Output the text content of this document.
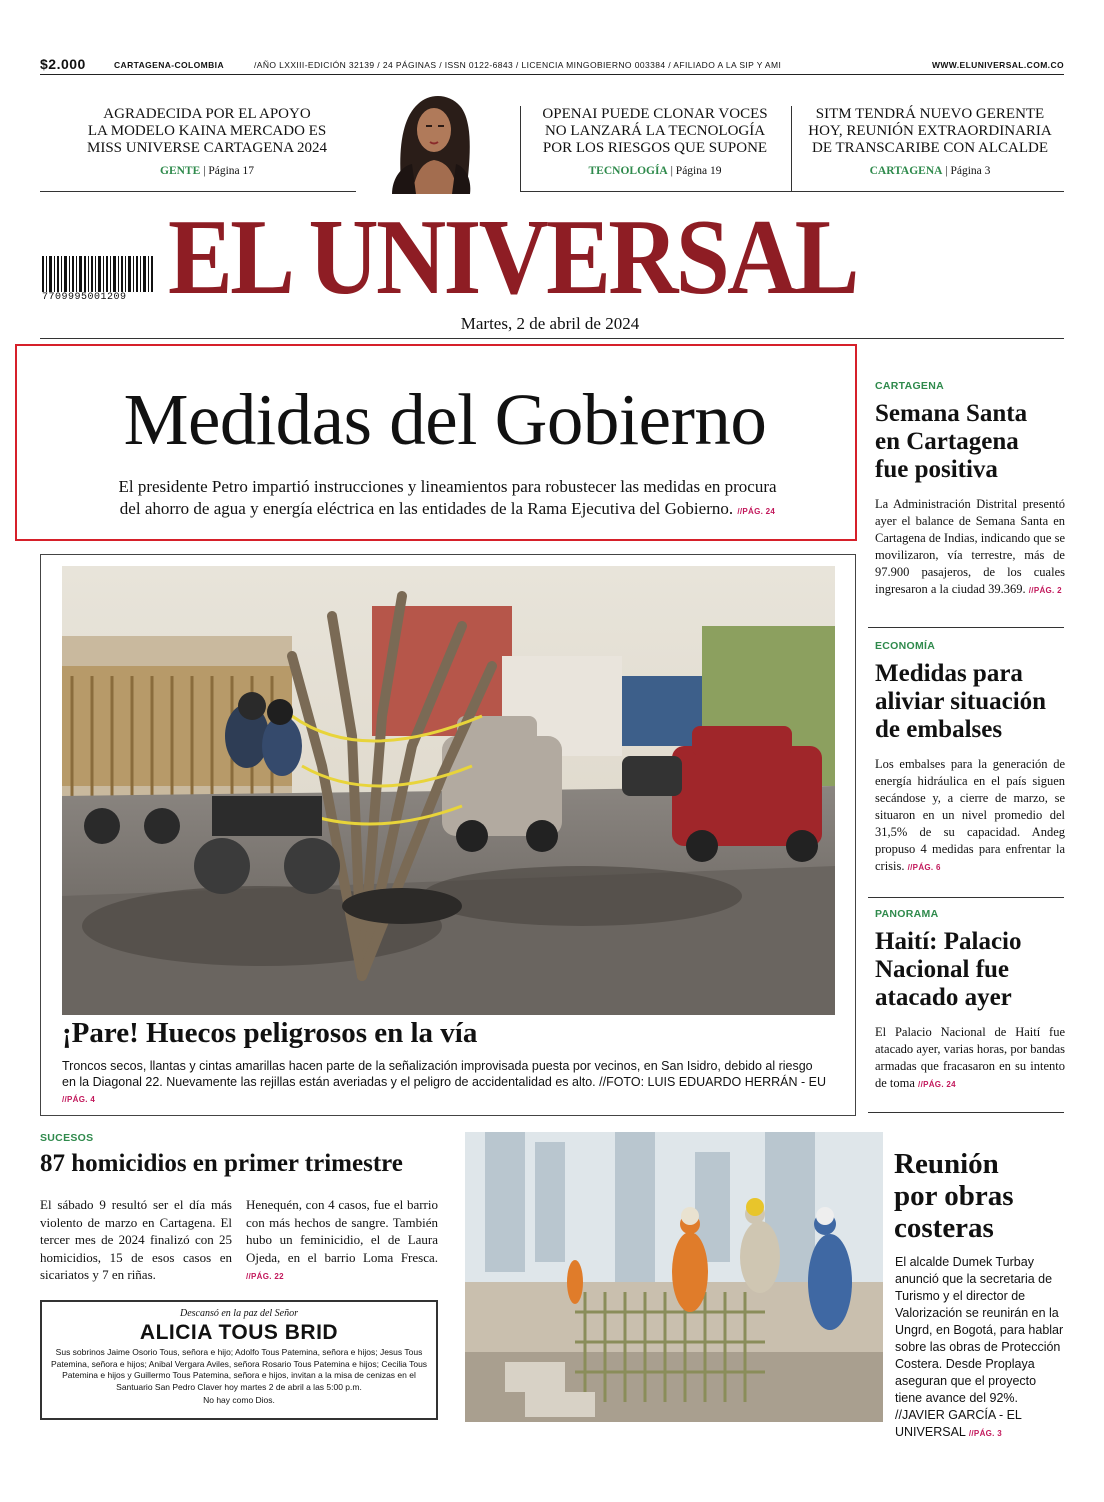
$2.000	CARTAGENA-COLOMBIA	/AÑO LXXIII-EDICIÓN 32139 / 24 PÁGINAS / ISSN 0122-6843 / LICENCIA MINGOBIERNO 003384 / AFILIADO A LA SIP Y AMI	WWW.ELUNIVERSAL.COM.CO
AGRADECIDA POR EL APOYO
LA MODELO KAINA MERCADO ES
MISS UNIVERSE CARTAGENA 2024
GENTE | Página 17
OPENAI PUEDE CLONAR VOCES
NO LANZARÁ LA TECNOLOGÍA
POR LOS RIESGOS QUE SUPONE
TECNOLOGÍA | Página 19
SITM TENDRÁ NUEVO GERENTE
HOY, REUNIÓN EXTRAORDINARIA
DE TRANSCARIBE CON ALCALDE
CARTAGENA | Página 3
7709995001209 EL UNIVERSAL
Martes, 2 de abril de 2024
Medidas del Gobierno
El presidente Petro impartió instrucciones y lineamientos para robustecer las medidas en procura
del ahorro de agua y energía eléctrica en las entidades de la Rama Ejecutiva del Gobierno. //PÁG. 24
¡Pare! Huecos peligrosos en la vía
Troncos secos, llantas y cintas amarillas hacen parte de la señalización improvisada puesta por vecinos, en San Isidro, debido al riesgo
en la Diagonal 22. Nuevamente las rejillas están averiadas y el peligro de accidentalidad es alto. //FOTO: LUIS EDUARDO HERRÁN - EU //PÁG. 4
CARTAGENA
Semana Santa
en Cartagena
fue positiva
La Administración Distrital presentó ayer el balance de Semana Santa en Cartagena de Indias, indicando que se movilizaron, vía terrestre, más de 97.900 pasajeros, de los cuales ingresaron a la ciudad 39.369. //PÁG. 2
ECONOMÍA
Medidas para
aliviar situación
de embalses
Los embalses para la generación de energía hidráulica en el país siguen secándose y, a cierre de marzo, se situaron en un nivel promedio del 31,5% de su capacidad. Andeg propuso 4 medidas para enfrentar la crisis. //PÁG. 6
PANORAMA
Haití: Palacio
Nacional fue
atacado ayer
El Palacio Nacional de Haití fue atacado ayer, varias horas, por bandas armadas que fracasaron en su intento de toma //PÁG. 24
SUCESOS
87 homicidios en primer trimestre
El sábado 9 resultó ser el día más violento de marzo en Cartagena. El tercer mes de 2024 finalizó con 25 homicidios, 15 de esos casos en sicariatos y 7 en riñas.
Henequén, con 4 casos, fue el barrio con más hechos de sangre. También hubo un feminicidio, el de Laura Ojeda, en el barrio Loma Fresca. //PÁG. 22
Descansó en la paz del Señor
ALICIA TOUS BRID
Sus sobrinos Jaime Osorio Tous, señora e hijo; Adolfo Tous Patemina, señora e hijos; Jesus Tous Patemina, señora e hijos; Anibal Vergara Aviles, señora Rosario Tous Patemina e hijos; Cecilia Tous Patemina e hijos y Guillermo Tous Patemina, señora e hijos, invitan a la misa de cenizas en el Santuario San Pedro Claver hoy martes 2 de abril a las 5:00 p.m.
No hay como Dios.
Reunión
por obras
costeras
El alcalde Dumek Turbay anunció que la secretaria de Turismo y el director de Valorización se reunirán en la Ungrd, en Bogotá, para hablar sobre las obras de Protección Costera. Desde Proplaya aseguran que el proyecto tiene avance del 92%. //JAVIER GARCÍA - EL UNIVERSAL //PÁG. 3
